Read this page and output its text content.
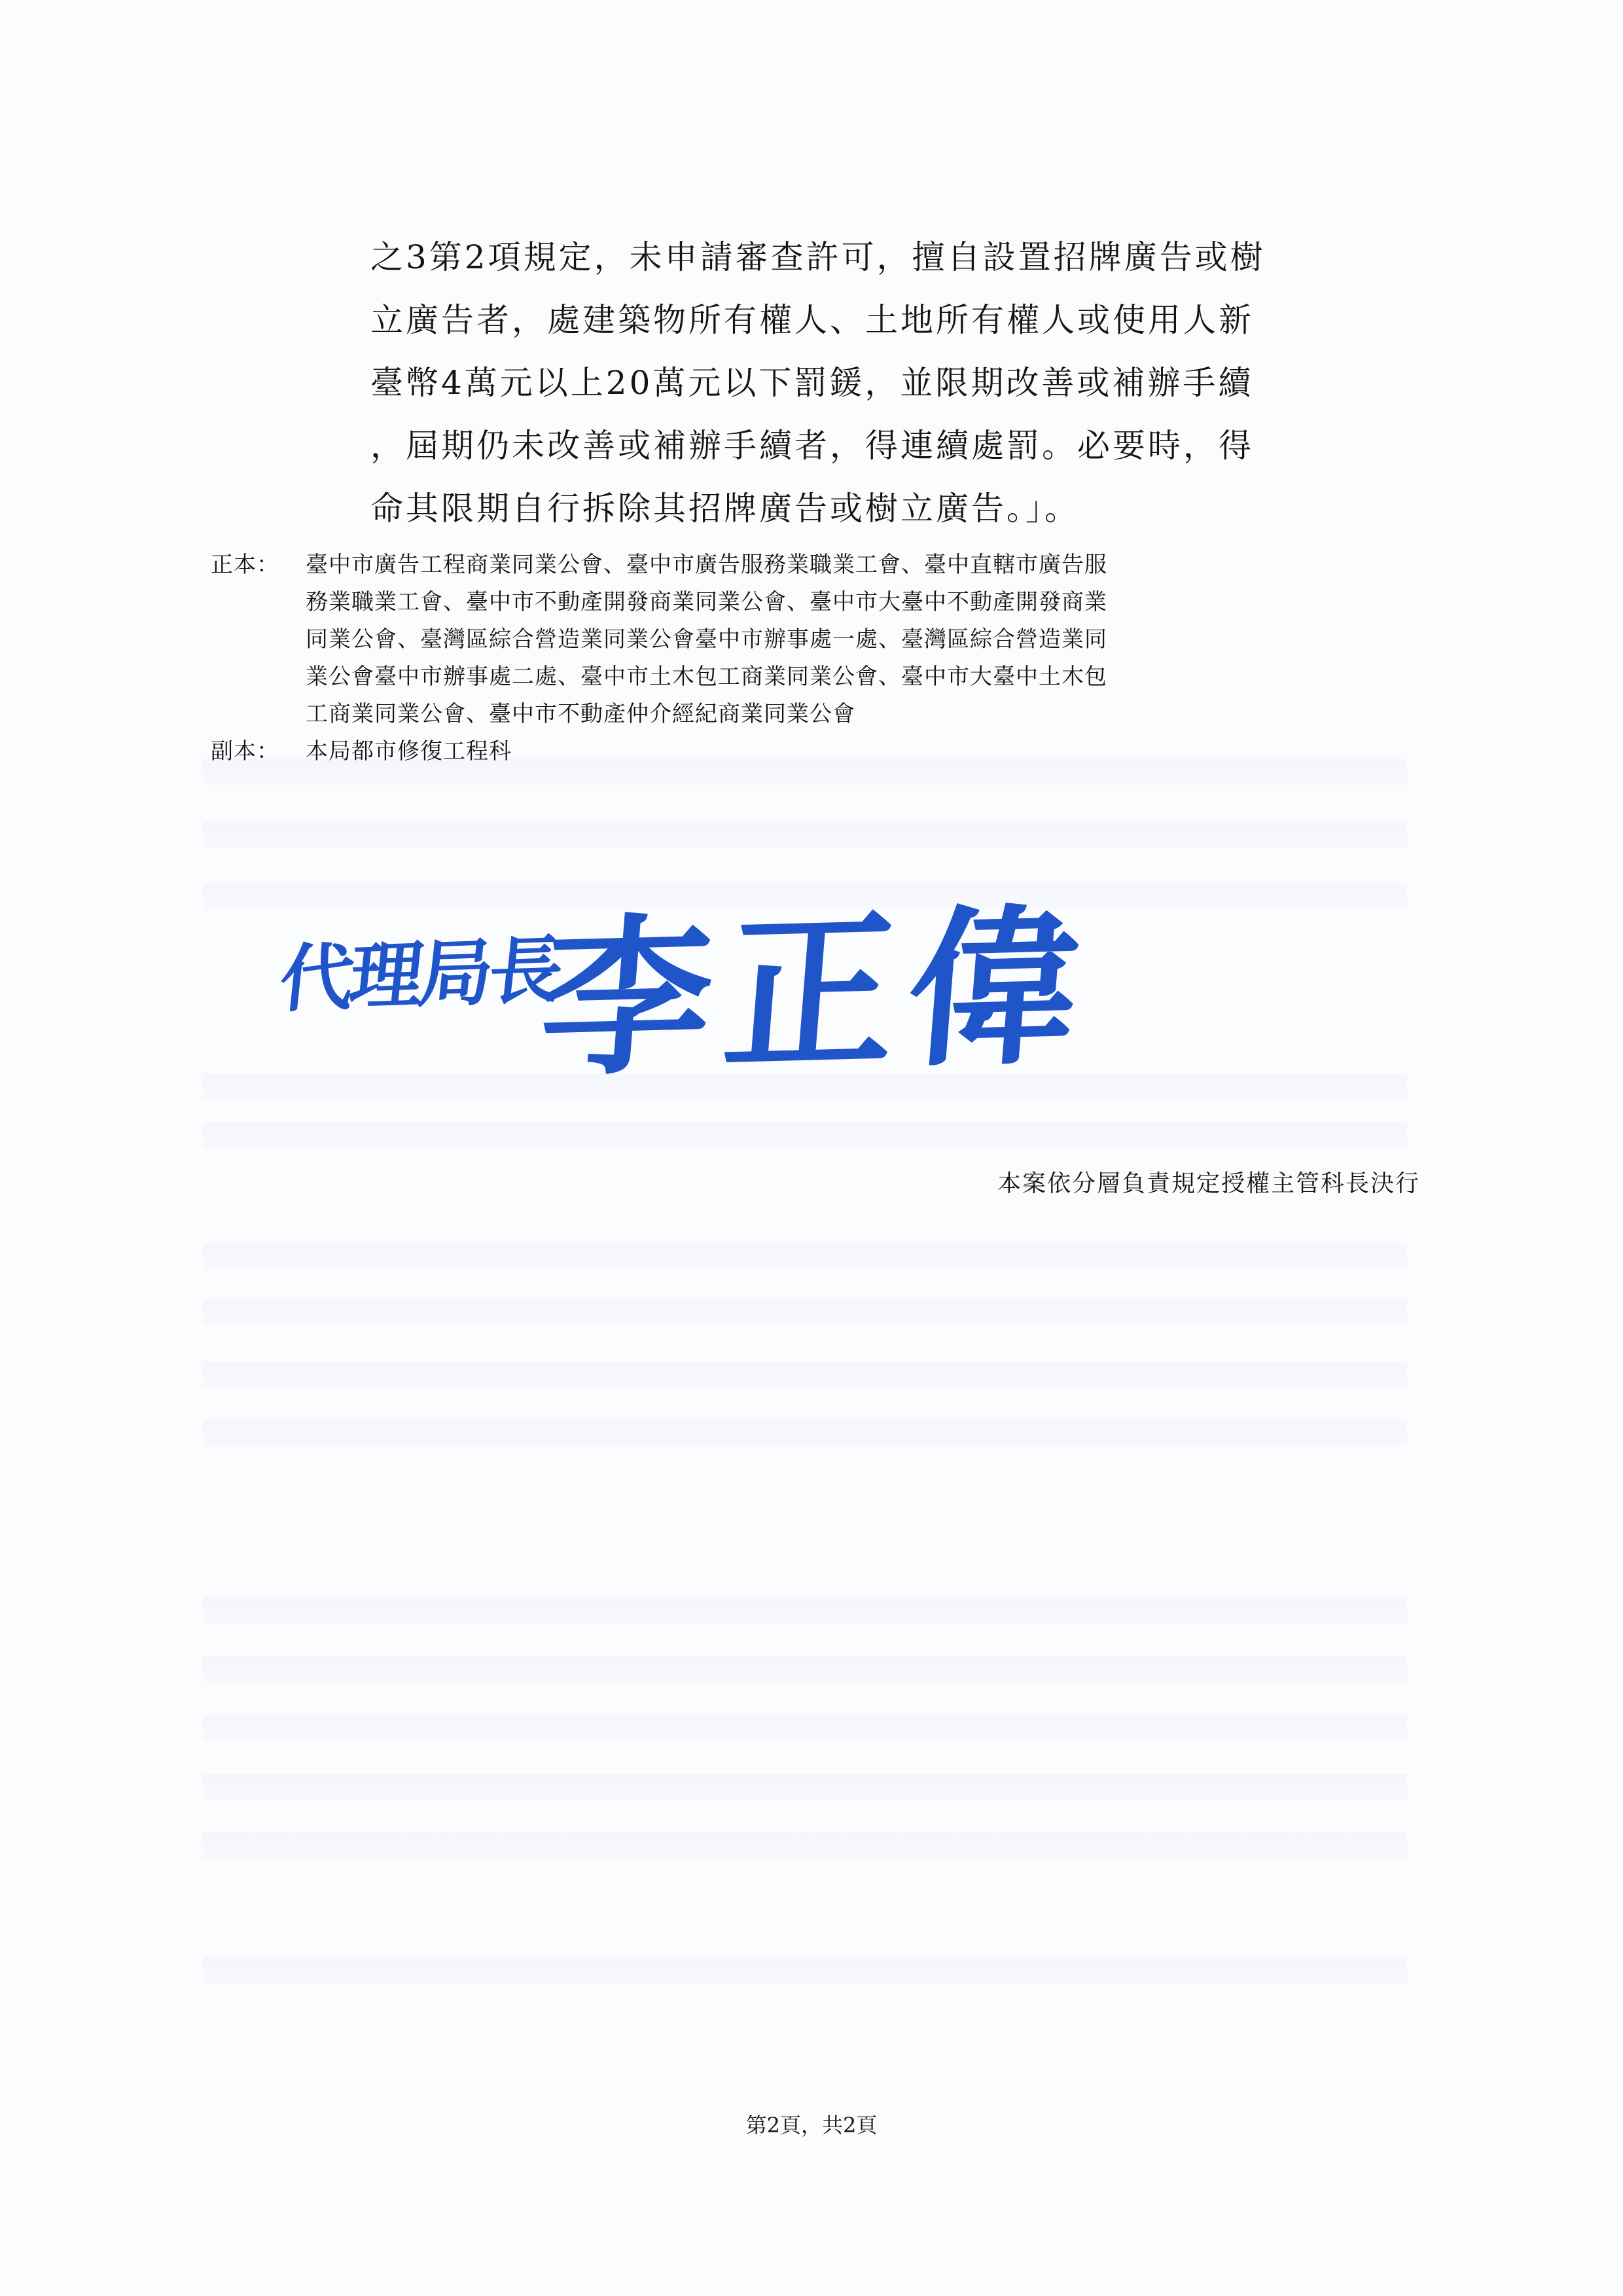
之3第2項規定，未申請審查許可，擅自設置招牌廣告或樹
立廣告者，處建築物所有權人、土地所有權人或使用人新
臺幣4萬元以上20萬元以下罰鍰，並限期改善或補辦手續
，屆期仍未改善或補辦手續者，得連續處罰。必要時，得
命其限期自行拆除其招牌廣告或樹立廣告。」。
正本：	臺中市廣告工程商業同業公會、臺中市廣告服務業職業工會、臺中直轄市廣告服
務業職業工會、臺中市不動產開發商業同業公會、臺中市大臺中不動產開發商業
同業公會、臺灣區綜合營造業同業公會臺中市辦事處一處、臺灣區綜合營造業同
業公會臺中市辦事處二處、臺中市土木包工商業同業公會、臺中市大臺中土木包
工商業同業公會、臺中市不動產仲介經紀商業同業公會
副本：	本局都市修復工程科
代理局長
李正偉
本案依分層負責規定授權主管科長決行
第2頁，共2頁
